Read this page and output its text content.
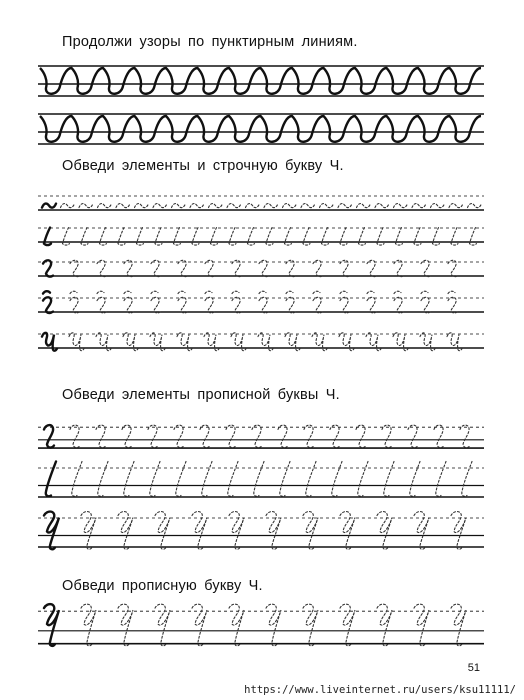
Продолжи узоры по пунктирным линиям.
Обведи элементы и строчную букву Ч.
Обведи элементы прописной буквы Ч.
Обведи прописную букву Ч.
51
https://www.liveinternet.ru/users/ksu11111/
